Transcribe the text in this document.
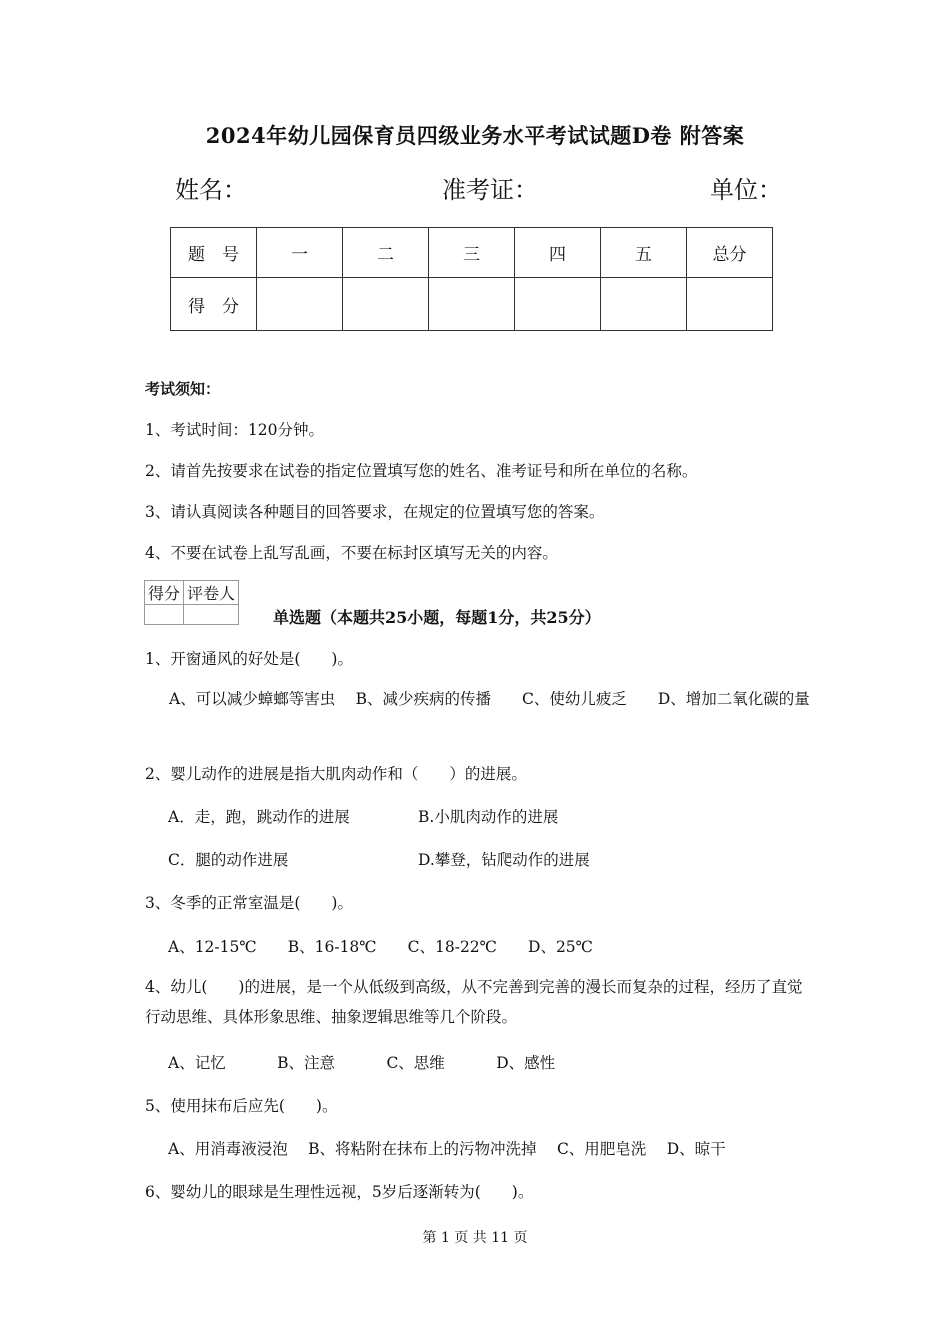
2024年幼儿园保育员四级业务水平考试试题D卷 附答案
姓名：	准考证：	单位：
题　号	一	二	三	四	五	总分
得　分						
考试须知：
1、考试时间：120分钟。
2、请首先按要求在试卷的指定位置填写您的姓名、准考证号和所在单位的名称。
3、请认真阅读各种题目的回答要求，在规定的位置填写您的答案。
4、不要在试卷上乱写乱画，不要在标封区填写无关的内容。
得分	评卷人

单选题（本题共25小题，每题1分，共25分）
1、开窗通风的好处是(　　)。
A、可以减少蟑螂等害虫　 B、减少疾病的传播　　C、使幼儿疲乏　　D、增加二氧化碳的量
2、婴儿动作的进展是指大肌肉动作和（　　）的进展。
A．走，跑，跳动作的进展	B.小肌肉动作的进展
C．腿的动作进展	D.攀登，钻爬动作的进展
3、冬季的正常室温是(　　)。
A、12-15℃　　B、16-18℃　　C、18-22℃　　D、25℃
4、幼儿(　　)的进展，是一个从低级到高级，从不完善到完善的漫长而复杂的过程，经历了直觉行动思维、具体形象思维、抽象逻辑思维等几个阶段。
A、记忆　　　 B、注意　　　 C、思维　　　 D、感性
5、使用抹布后应先(　　)。
A、用消毒液浸泡　 B、将粘附在抹布上的污物冲洗掉　 C、用肥皂洗　 D、晾干
6、婴幼儿的眼球是生理性远视，5岁后逐渐转为(　　)。
第 1 页 共 11 页
